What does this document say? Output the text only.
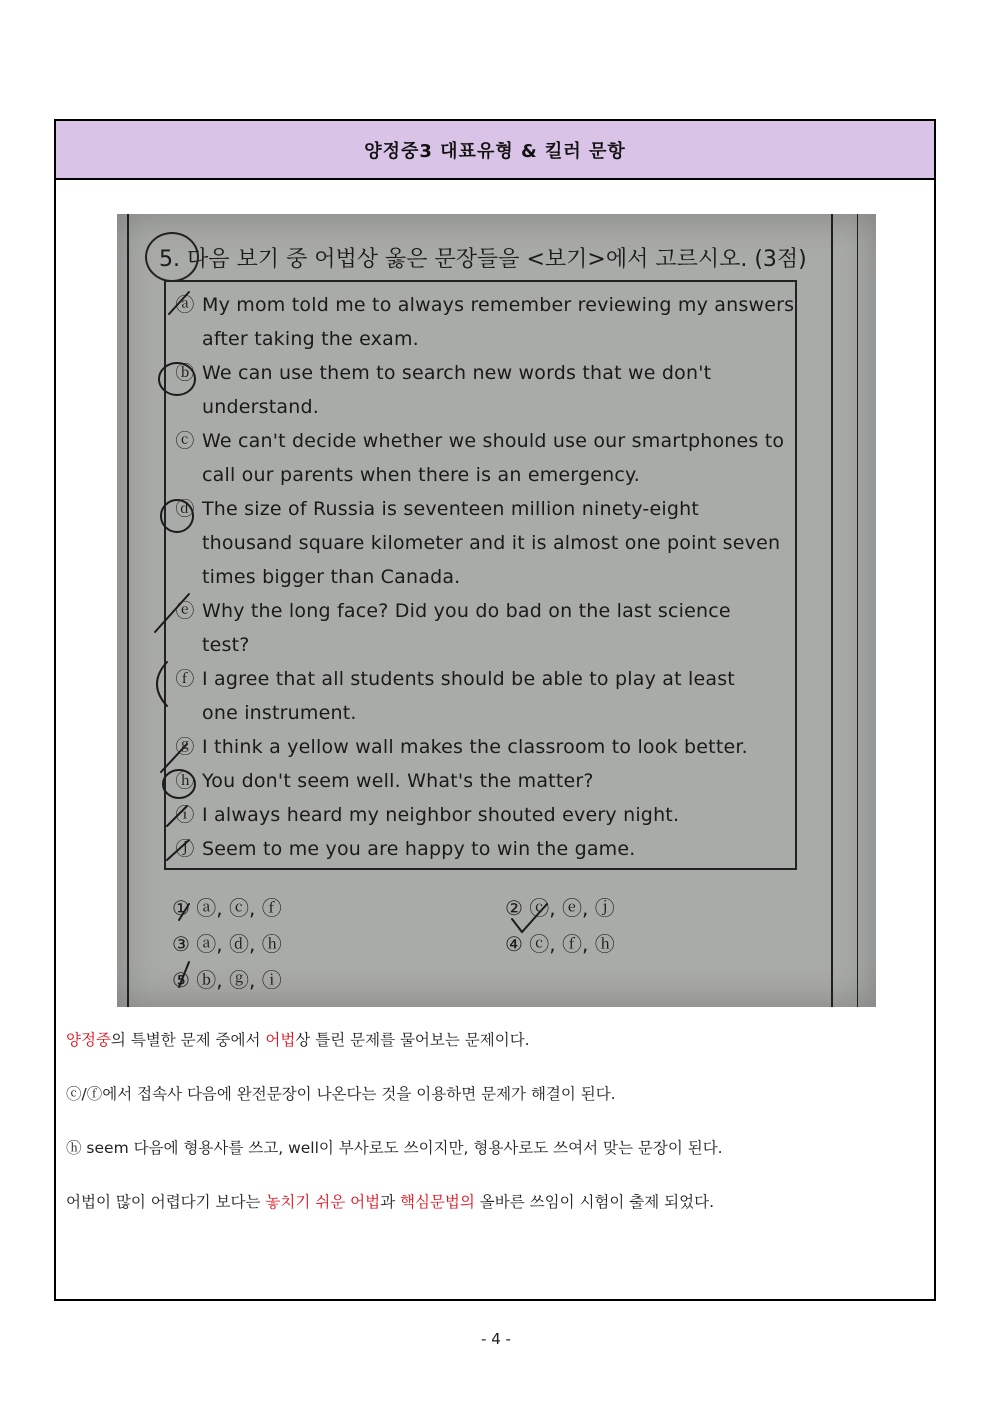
양정중3 대표유형 & 킬러 문항
5. 다음 보기 중 어법상 옳은 문장들을 <보기>에서 고르시오. (3점)
ⓐ My mom told me to always remember reviewing my answers
after taking the exam.
ⓑ We can use them to search new words that we don't
understand.
ⓒ We can't decide whether we should use our smartphones to
call our parents when there is an emergency.
ⓓ The size of Russia is seventeen million ninety-eight
thousand square kilometer and it is almost one point seven
times bigger than Canada.
ⓔ Why the long face? Did you do bad on the last science
test?
ⓕ I agree that all students should be able to play at least
one instrument.
ⓖ I think a yellow wall makes the classroom to look better.
ⓗ You don't seem well. What's the matter?
ⓘ I always heard my neighbor shouted every night.
ⓙ Seem to me you are happy to win the game.
① ⓐ, ⓒ, ⓕ	② ⓒ, ⓔ, ⓙ
③ ⓐ, ⓓ, ⓗ	④ ⓒ, ⓕ, ⓗ
⑤ ⓑ, ⓖ, ⓘ

양정중의 특별한 문제 중에서 어법상 틀린 문제를 물어보는 문제이다.

ⓒ/ⓕ에서 접속사 다음에 완전문장이 나온다는 것을 이용하면 문제가 해결이 된다.

ⓗ seem 다음에 형용사를 쓰고, well이 부사로도 쓰이지만, 형용사로도 쓰여서 맞는 문장이 된다.

어법이 많이 어렵다기 보다는 놓치기 쉬운 어법과 핵심문법의 올바른 쓰임이 시험이 출제 되었다.

- 4 -
